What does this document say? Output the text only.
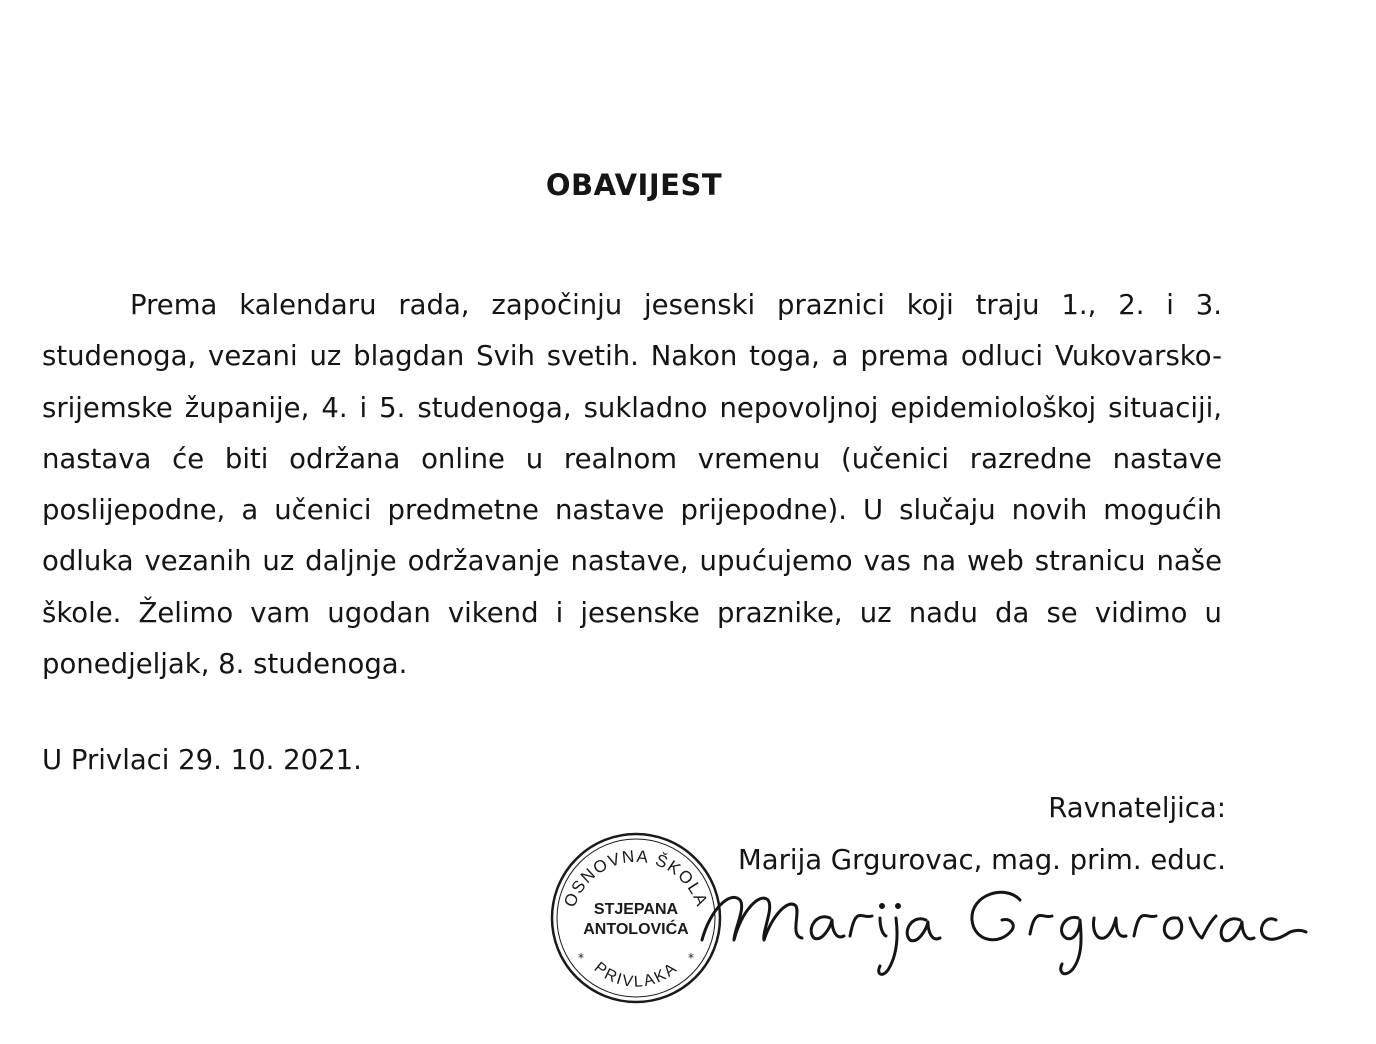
OBAVIJEST

Prema kalendaru rada, započinju jesenski praznici koji traju 1., 2. i 3. studenoga, vezani uz blagdan Svih svetih. Nakon toga, a prema odluci Vukovarsko-srijemske županije, 4. i 5. studenoga, sukladno nepovoljnoj epidemiološkoj situaciji, nastava će biti održana online u realnom vremenu (učenici razredne nastave poslijepodne, a učenici predmetne nastave prijepodne). U slučaju novih mogućih odluka vezanih uz daljnje održavanje nastave, upućujemo vas na web stranicu naše škole. Želimo vam ugodan vikend i jesenske praznike, uz nadu da se vidimo u ponedjeljak, 8. studenoga.

U Privlaci 29. 10. 2021.
Ravnateljica:
Marija Grgurovac, mag. prim. educ.
OSNOVNA ŠKOLA
STJEPANA
ANTOLOVIĆA
PRIVLAKA
*	*
